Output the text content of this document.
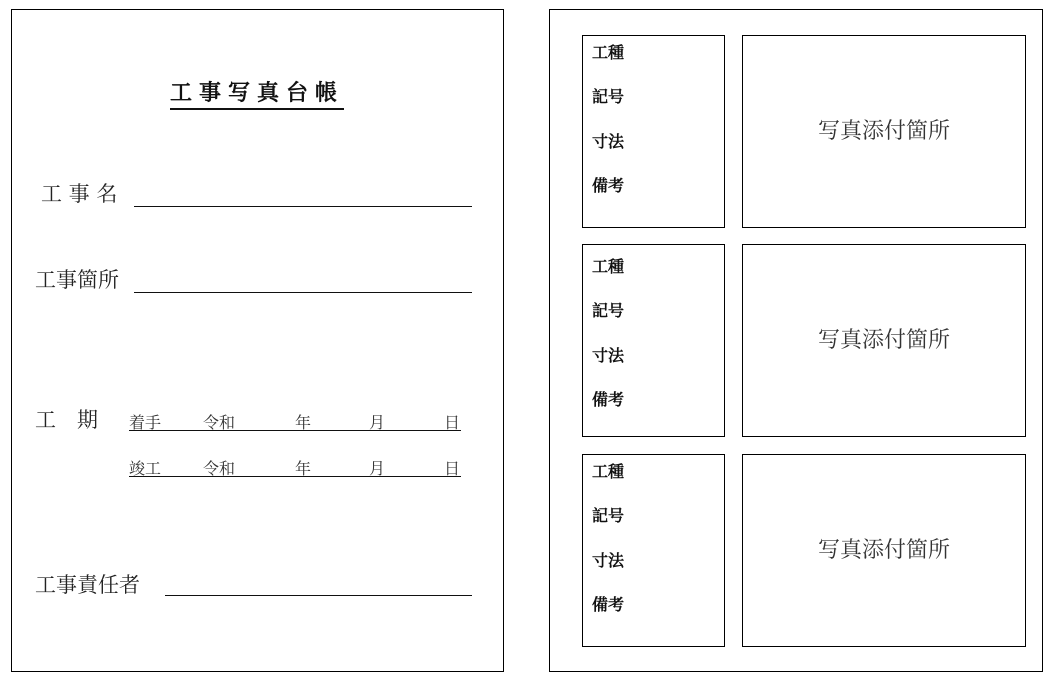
工事写真台帳
工 事 名
工事箇所
工　期 着手	令和	年	月	日
竣工	令和	年	月	日
工事責任者
工種
記号
寸法
備考
写真添付箇所
工種
記号
寸法
備考
写真添付箇所
工種
記号
寸法
備考
写真添付箇所
